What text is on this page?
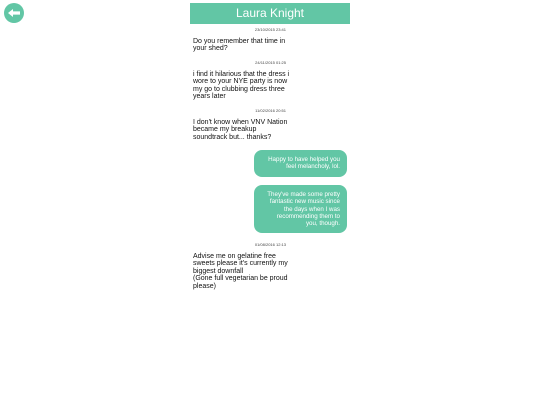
Laura Knight
23/10/2015 23:41
Do you remember that time in
your shed?
24/11/2015 01:25
i find it hilarious that the dress i
wore to your NYE party is now
my go to clubbing dress three
years later
11/02/2016 20:51
I don't know when VNV Nation
became my breakup
soundtrack but... thanks?
Happy to have helped you
feel melancholy, lol.
They've made some pretty
fantastic new music since
the days when I was
recommending them to
you, though.
01/08/2016 12:13
Advise me on gelatine free
sweets please it's currently my
biggest downfall
(Gone full vegetarian be proud
please)
